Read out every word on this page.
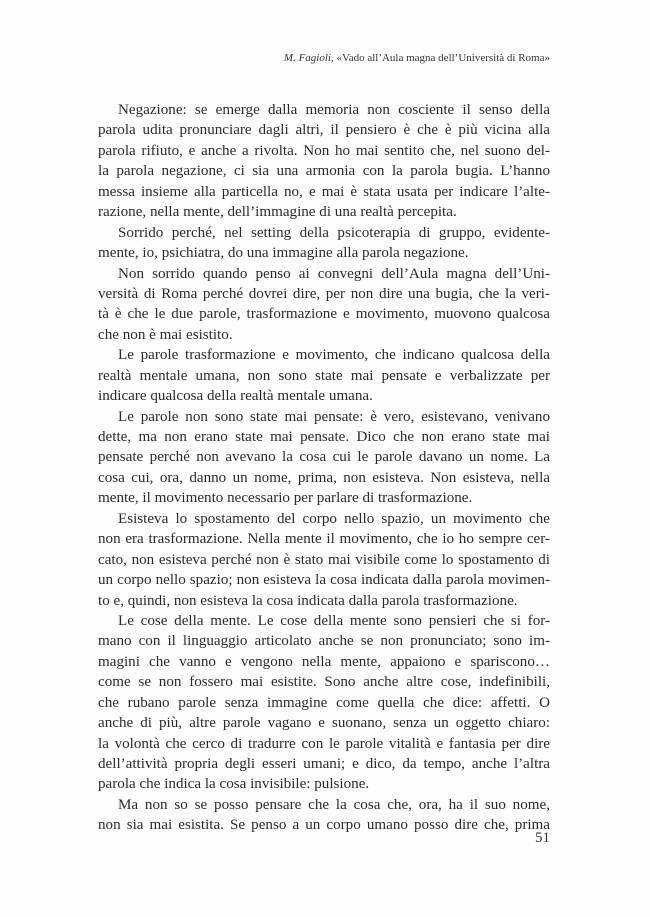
M. Fagioli, «Vado all’Aula magna dell’Università di Roma»
Negazione: se emerge dalla memoria non cosciente il senso della
parola udita pronunciare dagli altri, il pensiero è che è più vicina alla
parola rifiuto, e anche a rivolta. Non ho mai sentito che, nel suono del-
la parola negazione, ci sia una armonia con la parola bugia. L’hanno
messa insieme alla particella no, e mai è stata usata per indicare l’alte-
razione, nella mente, dell’immagine di una realtà percepita.
Sorrido perché, nel setting della psicoterapia di gruppo, evidente-
mente, io, psichiatra, do una immagine alla parola negazione.
Non sorrido quando penso ai convegni dell’Aula magna dell’Uni-
versità di Roma perché dovrei dire, per non dire una bugia, che la veri-
tà è che le due parole, trasformazione e movimento, muovono qualcosa
che non è mai esistito.
Le parole trasformazione e movimento, che indicano qualcosa della
realtà mentale umana, non sono state mai pensate e verbalizzate per
indicare qualcosa della realtà mentale umana.
Le parole non sono state mai pensate: è vero, esistevano, venivano
dette, ma non erano state mai pensate. Dico che non erano state mai
pensate perché non avevano la cosa cui le parole davano un nome. La
cosa cui, ora, danno un nome, prima, non esisteva. Non esisteva, nella
mente, il movimento necessario per parlare di trasformazione.
Esisteva lo spostamento del corpo nello spazio, un movimento che
non era trasformazione. Nella mente il movimento, che io ho sempre cer-
cato, non esisteva perché non è stato mai visibile come lo spostamento di
un corpo nello spazio; non esisteva la cosa indicata dalla parola movimen-
to e, quindi, non esisteva la cosa indicata dalla parola trasformazione.
Le cose della mente. Le cose della mente sono pensieri che si for-
mano con il linguaggio articolato anche se non pronunciato; sono im-
magini che vanno e vengono nella mente, appaiono e spariscono…
come se non fossero mai esistite. Sono anche altre cose, indefinibili,
che rubano parole senza immagine come quella che dice: affetti. O
anche di più, altre parole vagano e suonano, senza un oggetto chiaro:
la volontà che cerco di tradurre con le parole vitalità e fantasia per dire
dell’attività propria degli esseri umani; e dico, da tempo, anche l’altra
parola che indica la cosa invisibile: pulsione.
Ma non so se posso pensare che la cosa che, ora, ha il suo nome,
non sia mai esistita. Se penso a un corpo umano posso dire che, prima
51
